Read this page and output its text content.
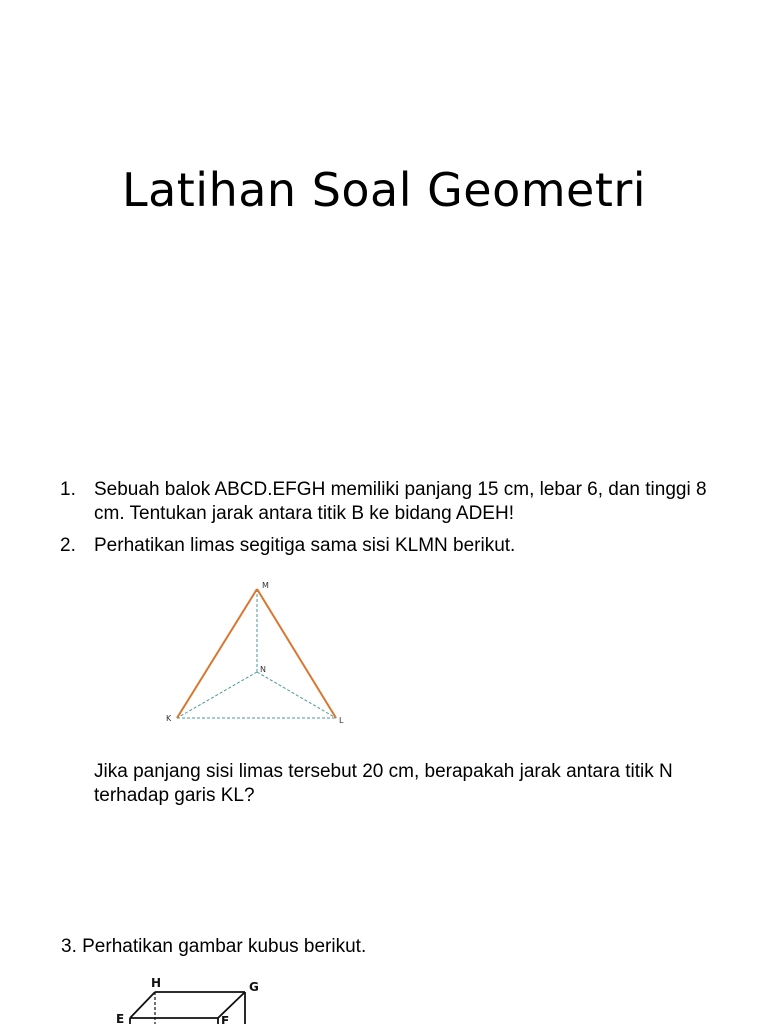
Latihan Soal Geometri
1. Sebuah balok ABCD.EFGH memiliki panjang 15 cm, lebar 6, dan tinggi 8 cm. Tentukan jarak antara titik B ke bidang ADEH!
2. Perhatikan limas segitiga sama sisi KLMN berikut.
M
N
K	L
Jika panjang sisi limas tersebut 20 cm, berapakah jarak antara titik N terhadap garis KL?
3. Perhatikan gambar kubus berikut.
H	G
E	F
